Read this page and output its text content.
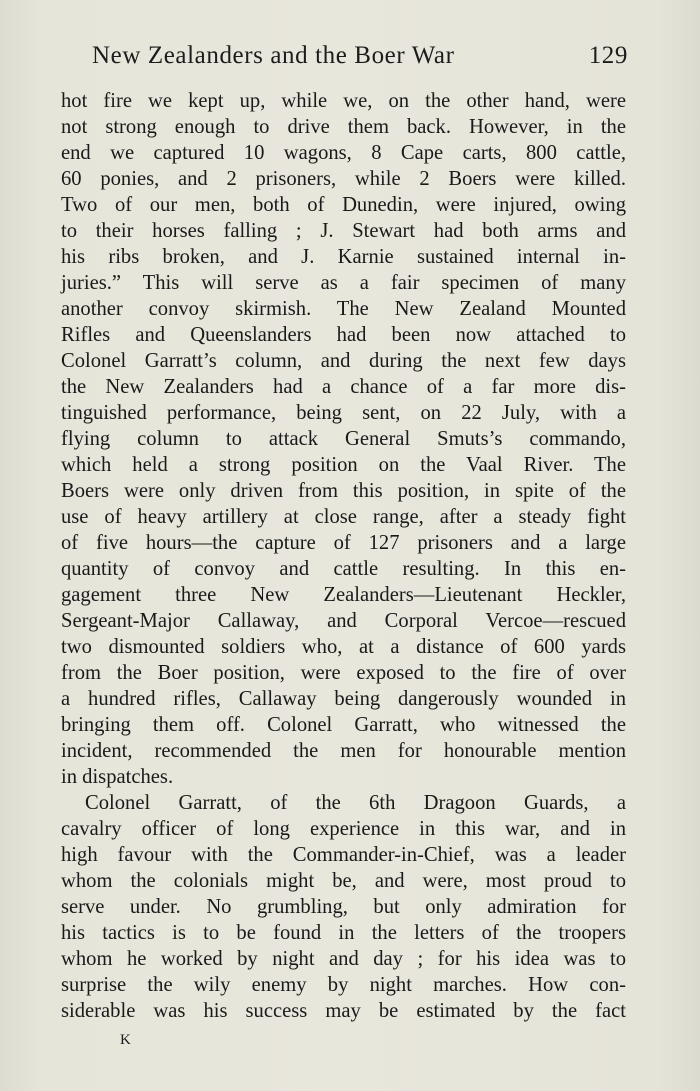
New Zealanders and the Boer War	129
hot fire we kept up, while we, on the other hand, were
not strong enough to drive them back. However, in the
end we captured 10 wagons, 8 Cape carts, 800 cattle,
60 ponies, and 2 prisoners, while 2 Boers were killed.
Two of our men, both of Dunedin, were injured, owing
to their horses falling ; J. Stewart had both arms and
his ribs broken, and J. Karnie sustained internal in-
juries.” This will serve as a fair specimen of many
another convoy skirmish. The New Zealand Mounted
Rifles and Queenslanders had been now attached to
Colonel Garratt’s column, and during the next few days
the New Zealanders had a chance of a far more dis-
tinguished performance, being sent, on 22 July, with a
flying column to attack General Smuts’s commando,
which held a strong position on the Vaal River. The
Boers were only driven from this position, in spite of the
use of heavy artillery at close range, after a steady fight
of five hours—the capture of 127 prisoners and a large
quantity of convoy and cattle resulting. In this en-
gagement three New Zealanders—Lieutenant Heckler,
Sergeant-Major Callaway, and Corporal Vercoe—rescued
two dismounted soldiers who, at a distance of 600 yards
from the Boer position, were exposed to the fire of over
a hundred rifles, Callaway being dangerously wounded in
bringing them off. Colonel Garratt, who witnessed the
incident, recommended the men for honourable mention
in dispatches.
Colonel Garratt, of the 6th Dragoon Guards, a
cavalry officer of long experience in this war, and in
high favour with the Commander-in-Chief, was a leader
whom the colonials might be, and were, most proud to
serve under. No grumbling, but only admiration for
his tactics is to be found in the letters of the troopers
whom he worked by night and day ; for his idea was to
surprise the wily enemy by night marches. How con-
siderable was his success may be estimated by the fact
K
